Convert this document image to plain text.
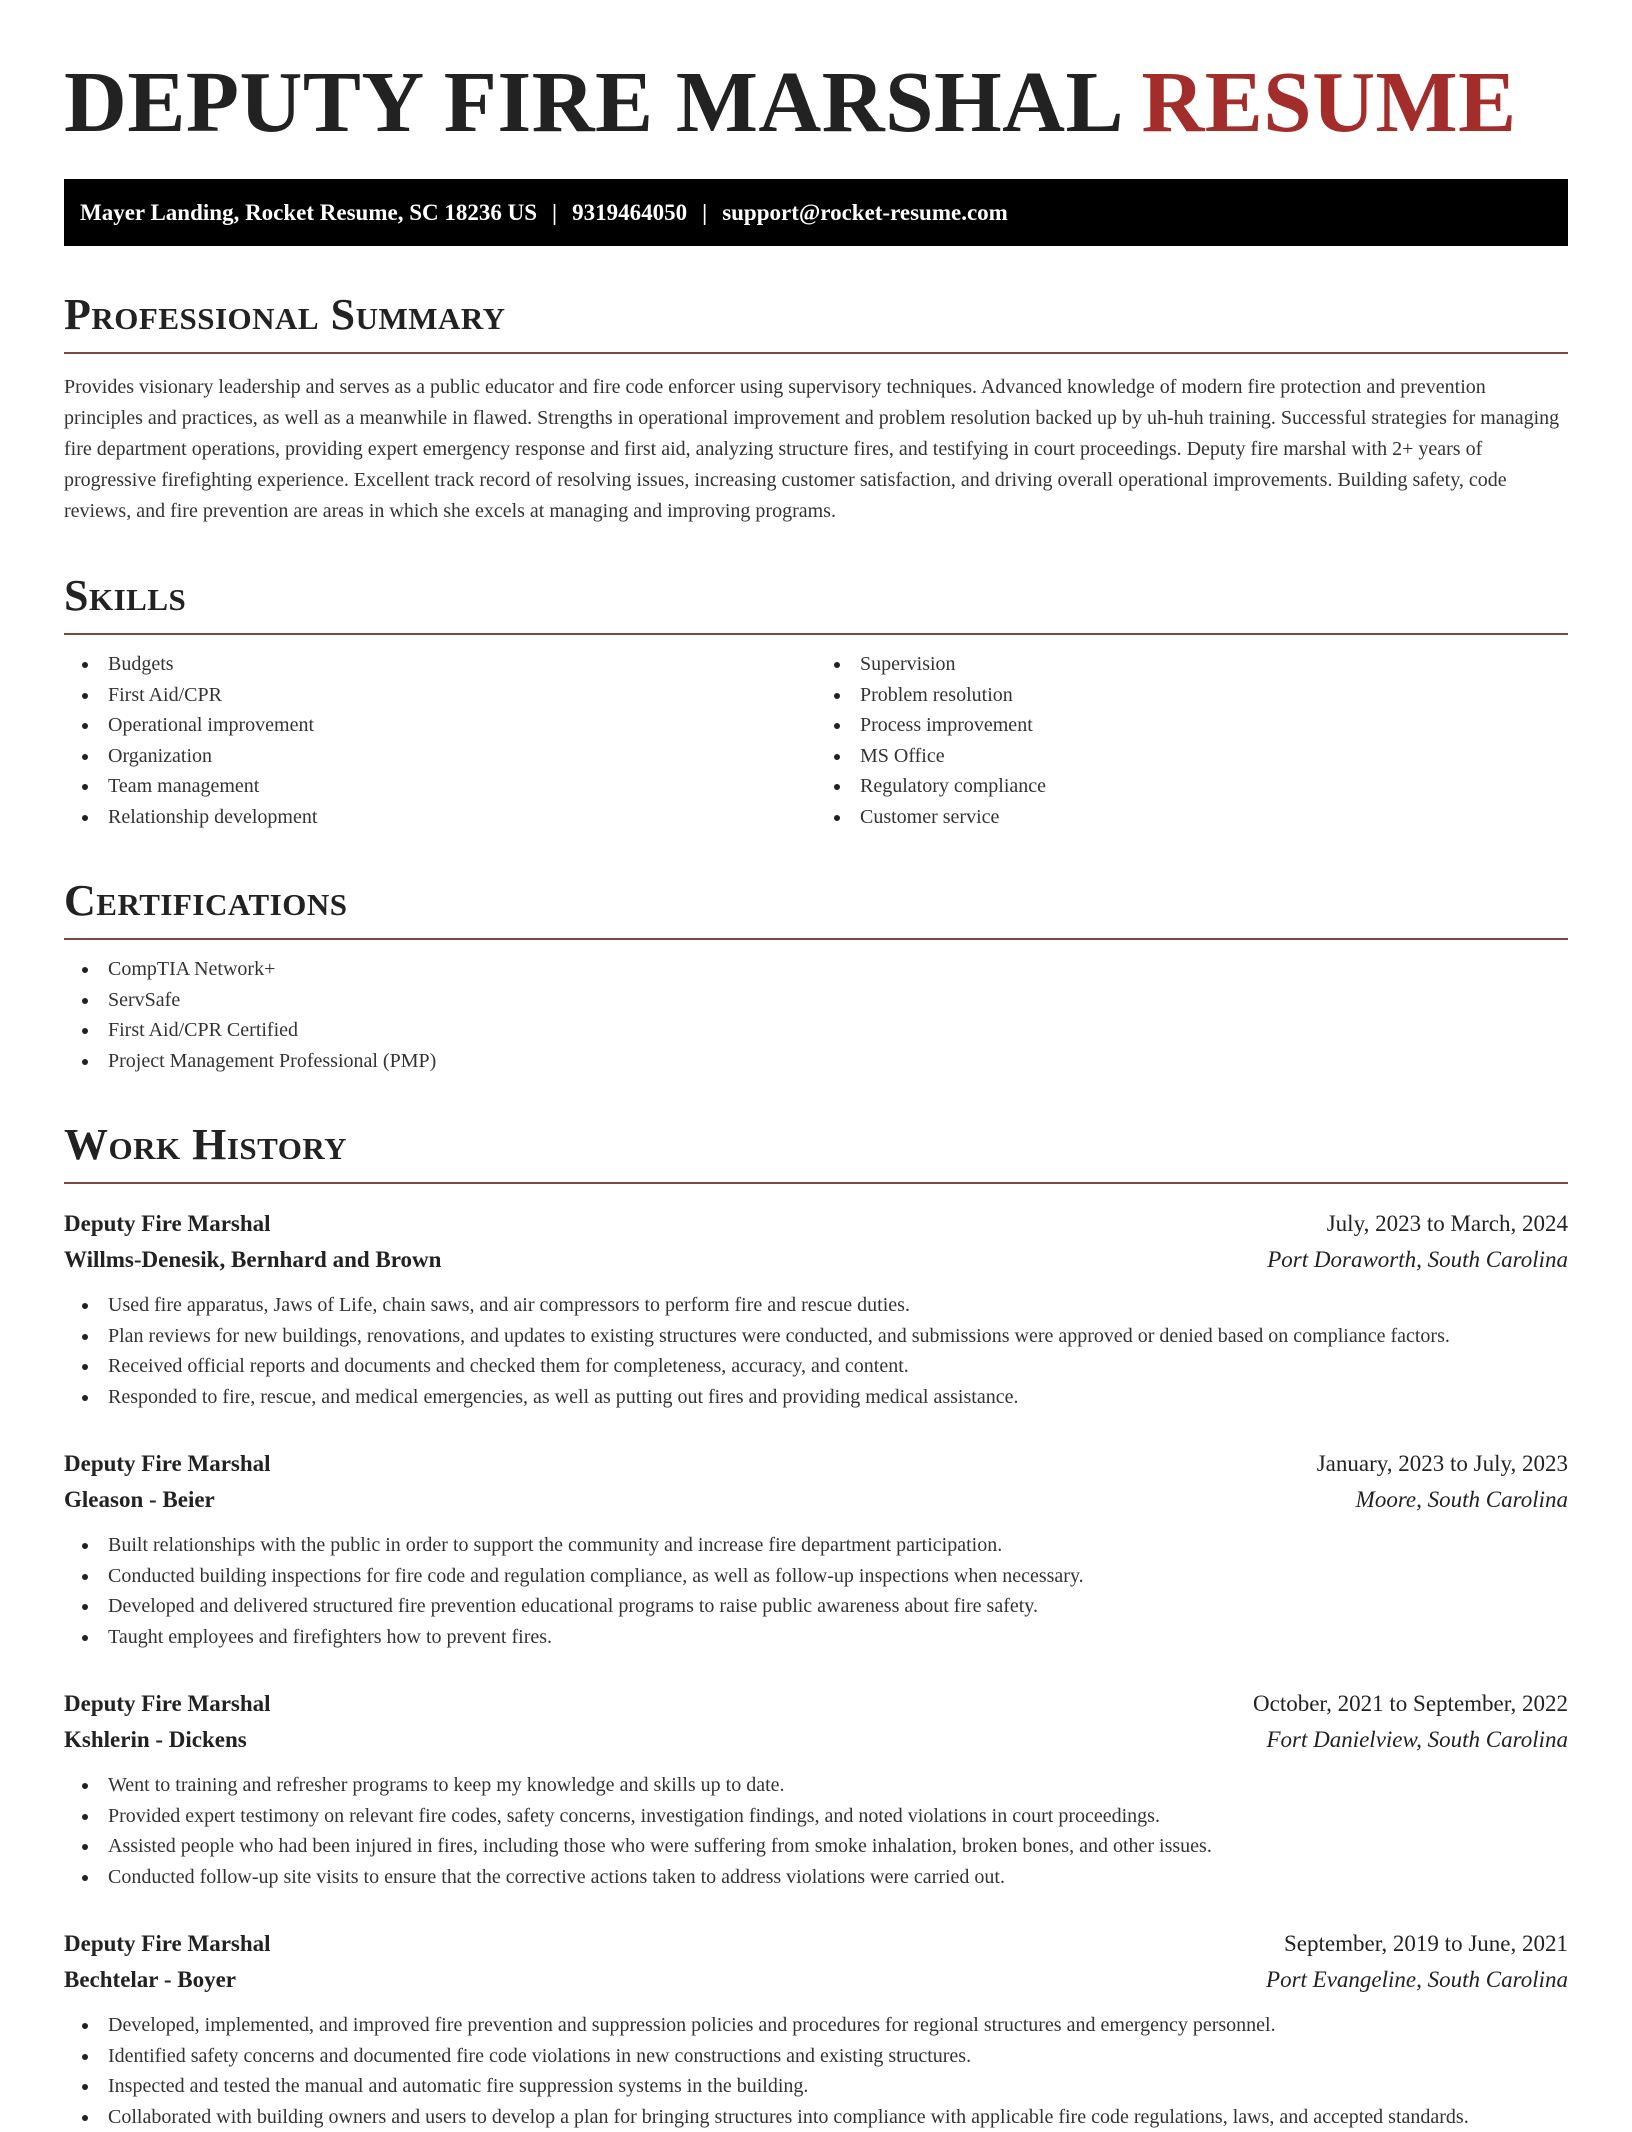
DEPUTY FIRE MARSHAL RESUME
Mayer Landing, Rocket Resume, SC 18236 US | 9319464050 | support@rocket-resume.com
Professional Summary

Provides visionary leadership and serves as a public educator and fire code enforcer using supervisory techniques. Advanced knowledge of modern fire protection and prevention principles and practices, as well as a meanwhile in flawed. Strengths in operational improvement and problem resolution backed up by uh-huh training. Successful strategies for managing fire department operations, providing expert emergency response and first aid, analyzing structure fires, and testifying in court proceedings. Deputy fire marshal with 2+ years of progressive firefighting experience. Excellent track record of resolving issues, increasing customer satisfaction, and driving overall operational improvements. Building safety, code reviews, and fire prevention are areas in which she excels at managing and improving programs.

Skills
Budgets
First Aid/CPR
Operational improvement
Organization
Team management
Relationship development
Supervision
Problem resolution
Process improvement
MS Office
Regulatory compliance
Customer service
Certifications
CompTIA Network+
ServSafe
First Aid/CPR Certified
Project Management Professional (PMP)
Work History
Deputy Fire Marshal	July, 2023 to March, 2024
Willms-Denesik, Bernhard and Brown	Port Doraworth, South Carolina
Used fire apparatus, Jaws of Life, chain saws, and air compressors to perform fire and rescue duties.
Plan reviews for new buildings, renovations, and updates to existing structures were conducted, and submissions were approved or denied based on compliance factors.
Received official reports and documents and checked them for completeness, accuracy, and content.
Responded to fire, rescue, and medical emergencies, as well as putting out fires and providing medical assistance.
Deputy Fire Marshal	January, 2023 to July, 2023
Gleason - Beier	Moore, South Carolina
Built relationships with the public in order to support the community and increase fire department participation.
Conducted building inspections for fire code and regulation compliance, as well as follow-up inspections when necessary.
Developed and delivered structured fire prevention educational programs to raise public awareness about fire safety.
Taught employees and firefighters how to prevent fires.
Deputy Fire Marshal	October, 2021 to September, 2022
Kshlerin - Dickens	Fort Danielview, South Carolina
Went to training and refresher programs to keep my knowledge and skills up to date.
Provided expert testimony on relevant fire codes, safety concerns, investigation findings, and noted violations in court proceedings.
Assisted people who had been injured in fires, including those who were suffering from smoke inhalation, broken bones, and other issues.
Conducted follow-up site visits to ensure that the corrective actions taken to address violations were carried out.
Deputy Fire Marshal	September, 2019 to June, 2021
Bechtelar - Boyer	Port Evangeline, South Carolina
Developed, implemented, and improved fire prevention and suppression policies and procedures for regional structures and emergency personnel.
Identified safety concerns and documented fire code violations in new constructions and existing structures.
Inspected and tested the manual and automatic fire suppression systems in the building.
Collaborated with building owners and users to develop a plan for bringing structures into compliance with applicable fire code regulations, laws, and accepted standards.
